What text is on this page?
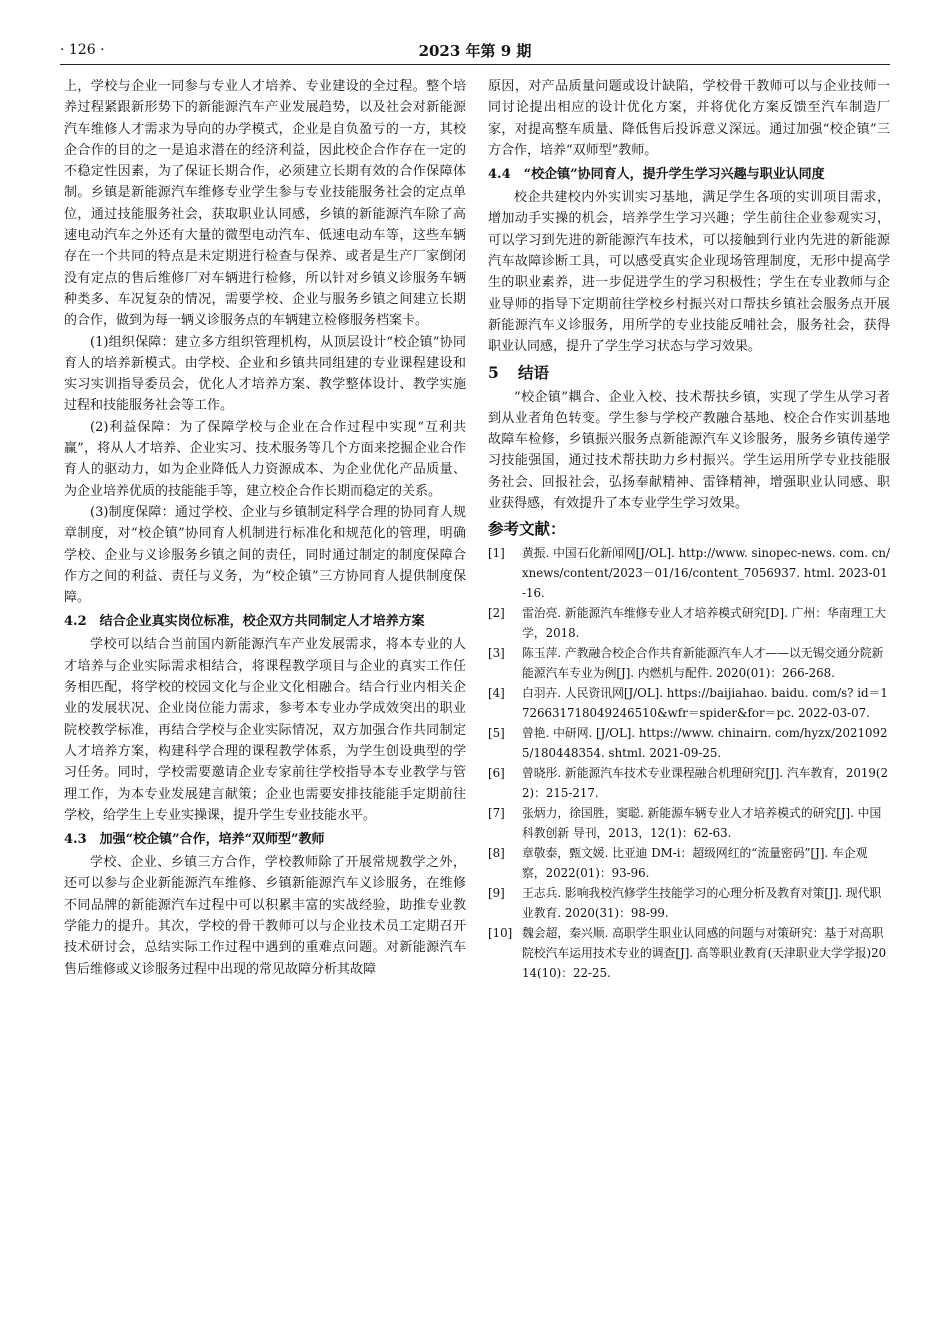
· 126 ·	2023 年第 9 期

上，学校与企业一同参与专业人才培养、专业建设的全过程。整个培养过程紧跟新形势下的新能源汽车产业发展趋势，以及社会对新能源汽车维修人才需求为导向的办学模式，企业是自负盈亏的一方，其校企合作的目的之一是追求潜在的经济利益，因此校企合作存在一定的不稳定性因素，为了保证长期合作，必须建立长期有效的合作保障体制。乡镇是新能源汽车维修专业学生参与专业技能服务社会的定点单位，通过技能服务社会，获取职业认同感，乡镇的新能源汽车除了高速电动汽车之外还有大量的微型电动汽车、低速电动车等，这些车辆存在一个共同的特点是未定期进行检查与保养、或者是生产厂家倒闭没有定点的售后维修厂对车辆进行检修，所以针对乡镇义诊服务车辆种类多、车况复杂的情况，需要学校、企业与服务乡镇之间建立长期的合作，做到为每一辆义诊服务点的车辆建立检修服务档案卡。

(1)组织保障：建立多方组织管理机构，从顶层设计“校企镇”协同育人的培养新模式。由学校、企业和乡镇共同组建的专业课程建设和实习实训指导委员会，优化人才培养方案、教学整体设计、教学实施过程和技能服务社会等工作。

(2)利益保障：为了保障学校与企业在合作过程中实现“互利共赢”，将从人才培养、企业实习、技术服务等几个方面来挖掘企业合作育人的驱动力，如为企业降低人力资源成本、为企业优化产品质量、为企业培养优质的技能能手等，建立校企合作长期而稳定的关系。

(3)制度保障：通过学校、企业与乡镇制定科学合理的协同育人规章制度，对“校企镇”协同育人机制进行标准化和规范化的管理，明确学校、企业与义诊服务乡镇之间的责任，同时通过制定的制度保障合作方之间的利益、责任与义务，为“校企镇”三方协同育人提供制度保障。

4.2　结合企业真实岗位标准，校企双方共同制定人才培养方案

学校可以结合当前国内新能源汽车产业发展需求，将本专业的人才培养与企业实际需求相结合，将课程教学项目与企业的真实工作任务相匹配，将学校的校园文化与企业文化相融合。结合行业内相关企业的发展状况、企业岗位能力需求，参考本专业办学成效突出的职业院校教学标准，再结合学校与企业实际情况，双方加强合作共同制定人才培养方案，构建科学合理的课程教学体系，为学生创设典型的学习任务。同时，学校需要邀请企业专家前往学校指导本专业教学与管理工作，为本专业发展建言献策；企业也需要安排技能能手定期前往学校，给学生上专业实操课，提升学生专业技能水平。

4.3　加强“校企镇”合作，培养“双师型”教师

学校、企业、乡镇三方合作，学校教师除了开展常规教学之外，还可以参与企业新能源汽车维修、乡镇新能源汽车义诊服务，在维修不同品牌的新能源汽车过程中可以积累丰富的实战经验，助推专业教学能力的提升。其次，学校的骨干教师可以与企业技术员工定期召开技术研讨会，总结实际工作过程中遇到的重难点问题。对新能源汽车售后维修或义诊服务过程中出现的常见故障分析其故障

原因，对产品质量问题或设计缺陷，学校骨干教师可以与企业技师一同讨论提出相应的设计优化方案，并将优化方案反馈至汽车制造厂家，对提高整车质量、降低售后投诉意义深远。通过加强“校企镇”三方合作，培养“双师型”教师。

4.4　“校企镇”协同育人，提升学生学习兴趣与职业认同度

校企共建校内外实训实习基地，满足学生各项的实训项目需求，增加动手实操的机会，培养学生学习兴趣；学生前往企业参观实习，可以学习到先进的新能源汽车技术，可以接触到行业内先进的新能源汽车故障诊断工具，可以感受真实企业现场管理制度，无形中提高学生的职业素养，进一步促进学生的学习积极性；学生在专业教师与企业导师的指导下定期前往学校乡村振兴对口帮扶乡镇社会服务点开展新能源汽车义诊服务，用所学的专业技能反哺社会，服务社会，获得职业认同感，提升了学生学习状态与学习效果。

5 结语

“校企镇”耦合、企业入校、技术帮扶乡镇，实现了学生从学习者到从业者角色转变。学生参与学校产教融合基地、校企合作实训基地故障车检修，乡镇振兴服务点新能源汽车义诊服务，服务乡镇传递学习技能强国，通过技术帮扶助力乡村振兴。学生运用所学专业技能服务社会、回报社会，弘扬奉献精神、雷锋精神，增强职业认同感、职业获得感，有效提升了本专业学生学习效果。

参考文献：
[1] 黄振. 中国石化新闻网[J/OL]. http://www. sinopec-news. com. cn/xnews/content/2023－01/16/content_7056937. html. 2023-01-16.
[2] 雷治亮. 新能源汽车维修专业人才培养模式研究[D]. 广州：华南理工大学，2018.
[3] 陈玉萍. 产教融合校企合作共育新能源汽车人才——以无锡交通分院新能源汽车专业为例[J]. 内燃机与配件. 2020(01)：266-268.
[4] 白羽卉. 人民资讯网[J/OL]. https://baijiahao. baidu. com/s? id＝1726631718049246510&wfr＝spider&for＝pc. 2022-03-07.
[5] 曾艳. 中研网. [J/OL]. https://www. chinairn. com/hyzx/20210925/180448354. shtml. 2021-09-25.
[6] 曾晓彤. 新能源汽车技术专业课程融合机理研究[J]. 汽车教育，2019(22)：215-217.
[7] 张炳力，徐国胜，窦聪. 新能源车辆专业人才培养模式的研究[J]. 中国科教创新 导刊，2013，12(1)：62-63.
[8] 章敬泰，甄文媛. 比亚迪 DM-i：超级网红的“流量密码”[J]. 车企观察，2022(01)：93-96.
[9] 王志兵. 影响我校汽修学生技能学习的心理分析及教育对策[J]. 现代职业教育. 2020(31)：98-99.
[10] 魏会超，秦兴顺. 高职学生职业认同感的问题与对策研究：基于对高职院校汽车运用技术专业的调查[J]. 高等职业教育(天津职业大学学报)2014(10)：22-25.
